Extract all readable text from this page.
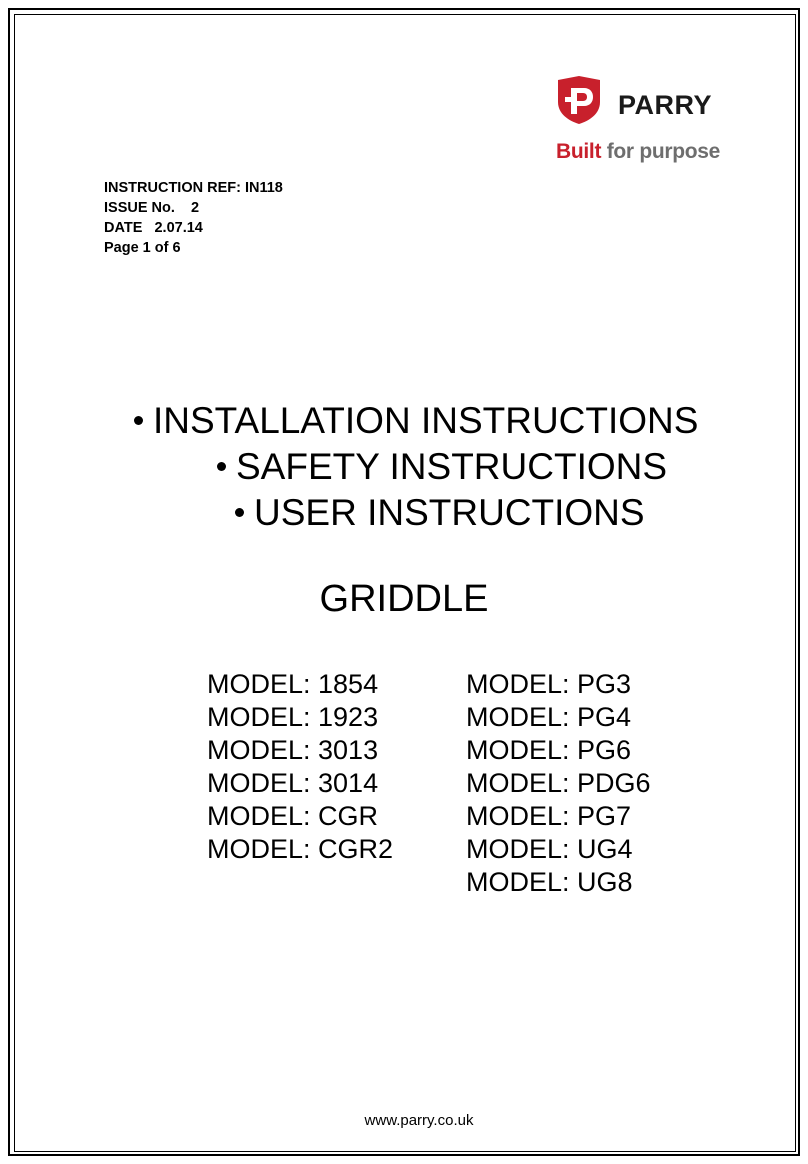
PARRY
Built for purpose
INSTRUCTION REF: IN118
ISSUE No.    2
DATE   2.07.14
Page 1 of 6
INSTALLATION INSTRUCTIONS
SAFETY INSTRUCTIONS
USER INSTRUCTIONS
GRIDDLE
MODEL: 1854
MODEL: 1923
MODEL: 3013
MODEL: 3014
MODEL: CGR
MODEL: CGR2
MODEL: PG3
MODEL: PG4
MODEL: PG6
MODEL: PDG6
MODEL: PG7
MODEL: UG4
MODEL: UG8
www.parry.co.uk
